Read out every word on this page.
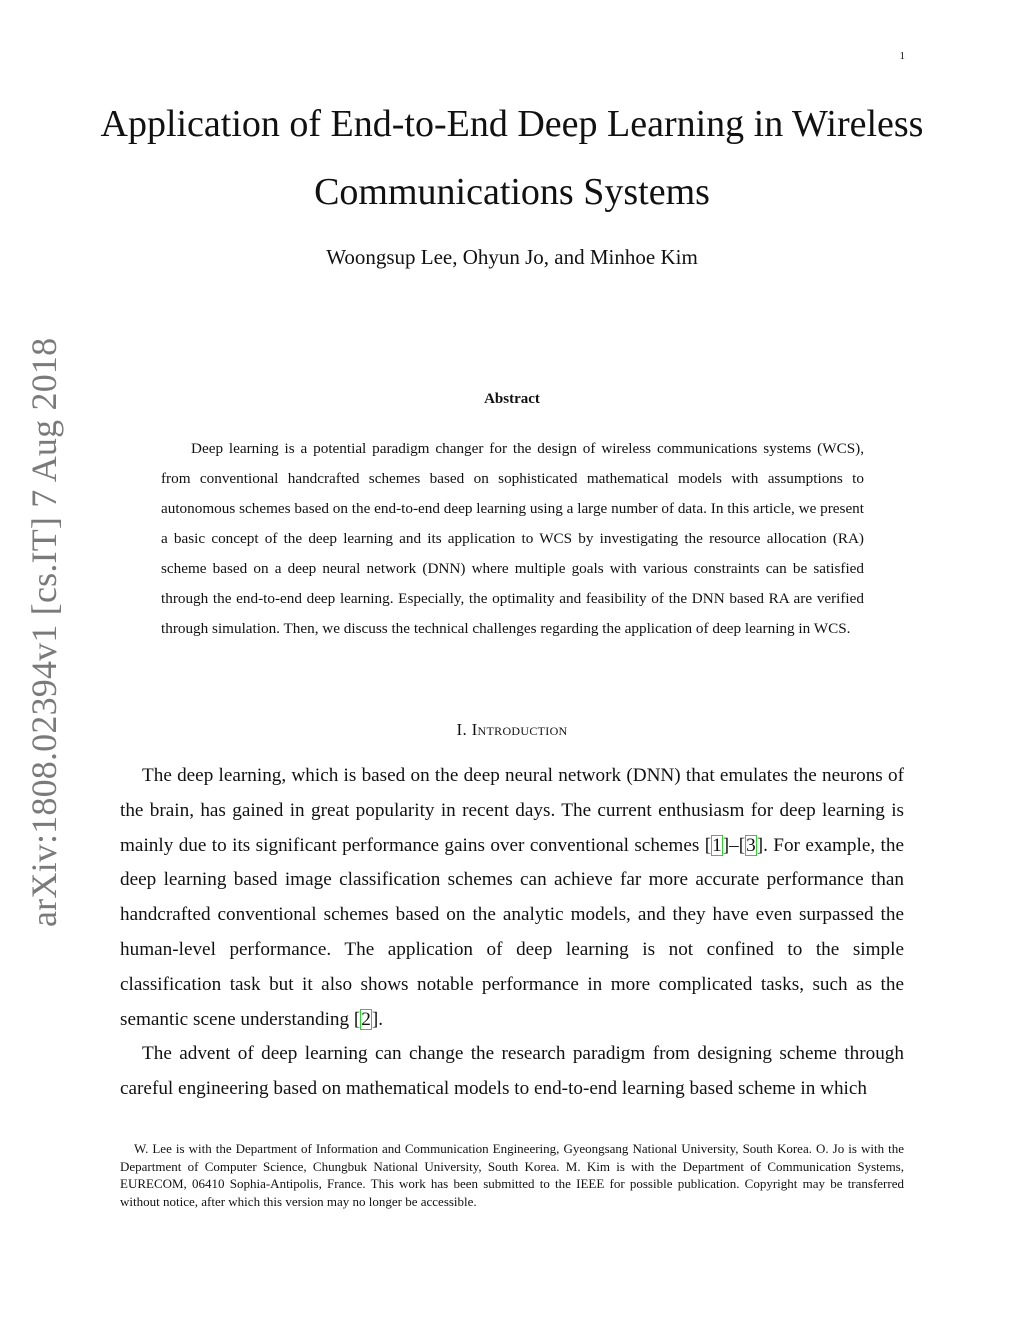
1
arXiv:1808.02394v1 [cs.IT] 7 Aug 2018
Application of End-to-End Deep Learning in Wireless Communications Systems
Woongsup Lee, Ohyun Jo, and Minhoe Kim
Abstract

Deep learning is a potential paradigm changer for the design of wireless communications systems (WCS), from conventional handcrafted schemes based on sophisticated mathematical models with assumptions to autonomous schemes based on the end-to-end deep learning using a large number of data. In this article, we present a basic concept of the deep learning and its application to WCS by investigating the resource allocation (RA) scheme based on a deep neural network (DNN) where multiple goals with various constraints can be satisfied through the end-to-end deep learning. Especially, the optimality and feasibility of the DNN based RA are verified through simulation. Then, we discuss the technical challenges regarding the application of deep learning in WCS.

I. Introduction

The deep learning, which is based on the deep neural network (DNN) that emulates the neurons of the brain, has gained in great popularity in recent days. The current enthusiasm for deep learning is mainly due to its significant performance gains over conventional schemes [1]–[3]. For example, the deep learning based image classification schemes can achieve far more accurate performance than handcrafted conventional schemes based on the analytic models, and they have even surpassed the human-level performance. The application of deep learning is not confined to the simple classification task but it also shows notable performance in more complicated tasks, such as the semantic scene understanding [2].

The advent of deep learning can change the research paradigm from designing scheme through careful engineering based on mathematical models to end-to-end learning based scheme in which

W. Lee is with the Department of Information and Communication Engineering, Gyeongsang National University, South Korea. O. Jo is with the Department of Computer Science, Chungbuk National University, South Korea. M. Kim is with the Department of Communication Systems, EURECOM, 06410 Sophia-Antipolis, France. This work has been submitted to the IEEE for possible publication. Copyright may be transferred without notice, after which this version may no longer be accessible.
